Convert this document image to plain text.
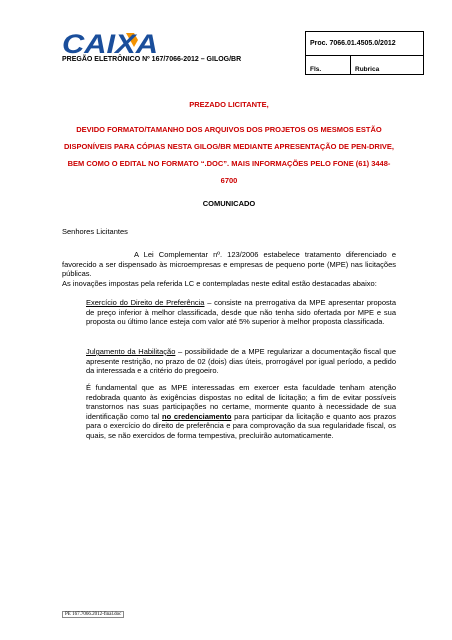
CAIXA
PREGÃO ELETRÔNICO Nº 167/7066-2012 – GILOG/BR
Proc. 7066.01.4505.0/2012
Fls.	Rubrica
PREZADO LICITANTE,
DEVIDO FORMATO/TAMANHO DOS ARQUIVOS DOS PROJETOS OS MESMOS ESTÃO DISPONÍVEIS PARA CÓPIAS NESTA GILOG/BR MEDIANTE APRESENTAÇÃO DE PEN-DRIVE, BEM COMO O EDITAL NO FORMATO “.DOC”. MAIS INFORMAÇÕES PELO FONE (61) 3448-6700
COMUNICADO
Senhores Licitantes
A Lei Complementar nº. 123/2006 estabelece tratamento diferenciado e favorecido a ser dispensado às microempresas e empresas de pequeno porte (MPE) nas licitações públicas.
As inovações impostas pela referida LC e contempladas neste edital estão destacadas abaixo:
Exercício do Direito de Preferência – consiste na prerrogativa da MPE apresentar proposta de preço inferior à melhor classificada, desde que não tenha sido ofertada por MPE e sua proposta ou último lance esteja com valor até 5% superior à melhor proposta classificada.
Julgamento da Habilitação – possibilidade de a MPE regularizar a documentação fiscal que apresente restrição, no prazo de 02 (dois) dias úteis, prorrogável por igual período, a pedido da interessada e a critério do pregoeiro.
É fundamental que as MPE interessadas em exercer esta faculdade tenham atenção redobrada quanto às exigências dispostas no edital de licitação; a fim de evitar possíveis transtornos nas suas participações no certame, mormente quanto à necessidade de sua identificação como tal no credenciamento para participar da licitação e quanto aos prazos para o exercício do direito de preferência e para comprovação da sua regularidade fiscal, os quais, se não exercidos de forma tempestiva, precluirão automaticamente.
PE 167.7066.2012-final.doc
